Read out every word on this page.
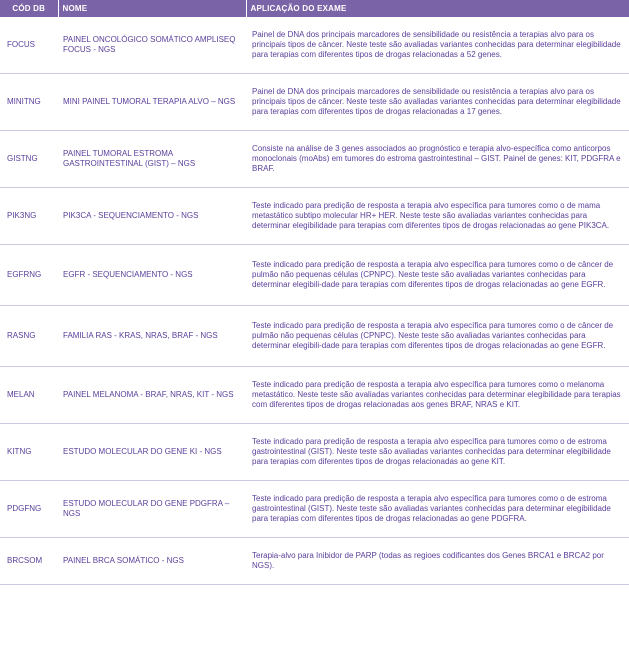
CÓD DB	NOME	APLICAÇÃO DO EXAME
FOCUS	PAINEL ONCOLÓGICO SOMÁTICO AMPLISEQ FOCUS - NGS	Painel de DNA dos principais marcadores de sensibilidade ou resistência a terapias alvo para os principais tipos de câncer. Neste teste são avaliadas variantes conhecidas para determinar elegibilidade para terapias com diferentes tipos de drogas relacionadas a 52 genes.
MINITNG	MINI PAINEL TUMORAL TERAPIA ALVO – NGS	Painel de DNA dos principais marcadores de sensibilidade ou resistência a terapias alvo para os principais tipos de câncer. Neste teste são avaliadas variantes conhecidas para determinar elegibilidade para terapias com diferentes tipos de drogas relacionadas a 17 genes.
GISTNG	PAINEL TUMORAL ESTROMA GASTROINTESTINAL (GIST) – NGS	Consiste na análise de 3 genes associados ao prognóstico e terapia alvo-específica como anticorpos monoclonais (moAbs) em tumores do estroma gastrointestinal – GIST. Painel de genes: KIT, PDGFRA e BRAF.
PIK3NG	PIK3CA - SEQUENCIAMENTO - NGS	Teste indicado para predição de resposta a terapia alvo específica para tumores como o de mama metastático subtipo molecular HR+ HER. Neste teste são avaliadas variantes conhecidas para determinar elegibilidade para terapias com diferentes tipos de drogas relacionadas ao gene PIK3CA.
EGFRNG	EGFR - SEQUENCIAMENTO - NGS	Teste indicado para predição de resposta a terapia alvo específica para tumores como o de câncer de pulmão não pequenas células (CPNPC). Neste teste são avaliadas variantes conhecidas para determinar elegibili-dade para terapias com diferentes tipos de drogas relacionadas ao gene EGFR.
RASNG	FAMILIA RAS - KRAS, NRAS, BRAF - NGS	Teste indicado para predição de resposta a terapia alvo específica para tumores como o de câncer de pulmão não pequenas células (CPNPC). Neste teste são avaliadas variantes conhecidas para determinar elegibili-dade para terapias com diferentes tipos de drogas relacionadas ao gene EGFR.
MELAN	PAINEL MELANOMA - BRAF, NRAS, KIT - NGS	Teste indicado para predição de resposta a terapia alvo específica para tumores como o melanoma metastático. Neste teste são avaliadas variantes conhecidas para determinar elegibilidade para terapias com diferentes tipos de drogas relacionadas aos genes BRAF, NRAS e KIT.
KITNG	ESTUDO MOLECULAR DO GENE KI - NGS	Teste indicado para predição de resposta a terapia alvo específica para tumores como o de estroma gastrointestinal (GIST). Neste teste são avaliadas variantes conhecidas para determinar elegibilidade para terapias com diferentes tipos de drogas relacionadas ao gene KIT.
PDGFNG	ESTUDO MOLECULAR DO GENE PDGFRA – NGS	Teste indicado para predição de resposta a terapia alvo específica para tumores como o de estroma gastrointestinal (GIST). Neste teste são avaliadas variantes conhecidas para determinar elegibilidade para terapias com diferentes tipos de drogas relacionadas ao gene PDGFRA.
BRCSOM	PAINEL BRCA SOMÁTICO - NGS	Terapia-alvo para Inibidor de PARP (todas as regioes codificantes dos Genes BRCA1 e BRCA2 por NGS).
